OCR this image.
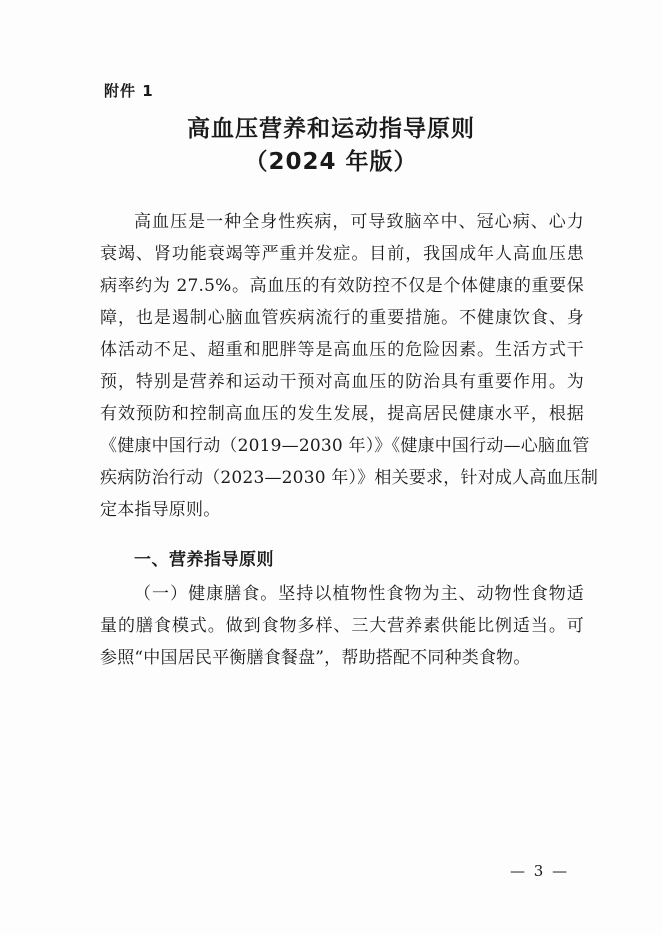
附件 1
高血压营养和运动指导原则
（2024 年版）
高血压是一种全身性疾病，可导致脑卒中、冠心病、心力
衰竭、肾功能衰竭等严重并发症。目前，我国成年人高血压患
病率约为 27.5%。高血压的有效防控不仅是个体健康的重要保
障，也是遏制心脑血管疾病流行的重要措施。不健康饮食、身
体活动不足、超重和肥胖等是高血压的危险因素。生活方式干
预，特别是营养和运动干预对高血压的防治具有重要作用。为
有效预防和控制高血压的发生发展，提高居民健康水平，根据
《健康中国行动（2019—2030 年）》《健康中国行动—心脑血管
疾病防治行动（2023—2030 年）》相关要求，针对成人高血压制
定本指导原则。
一、营养指导原则
（一）健康膳食。坚持以植物性食物为主、动物性食物适
量的膳食模式。做到食物多样、三大营养素供能比例适当。可
参照“中国居民平衡膳食餐盘”，帮助搭配不同种类食物。
— 3 —
